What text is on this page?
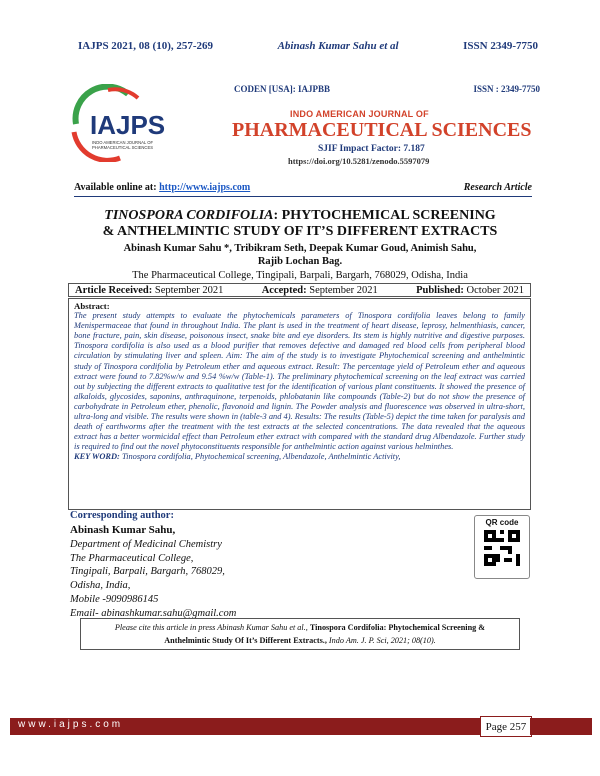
IAJPS 2021, 08 (10), 257-269	Abinash Kumar Sahu et al	ISSN 2349-7750
IAJPS
INDO AMERICAN JOURNAL OF
PHARMACEUTICAL SCIENCES
CODEN [USA]: IAJPBB	ISSN : 2349-7750
INDO AMERICAN JOURNAL OF
PHARMACEUTICAL SCIENCES
SJIF Impact Factor: 7.187
https://doi.org/10.5281/zenodo.5597079
Available online at: http://www.iajps.com	Research Article
TINOSPORA CORDIFOLIA: PHYTOCHEMICAL SCREENING
& ANTHELMINTIC STUDY OF IT’S DIFFERENT EXTRACTS
Abinash Kumar Sahu *, Tribikram Seth, Deepak Kumar Goud, Animish Sahu,
Rajib Lochan Bag.
The Pharmaceutical College, Tingipali, Barpali, Bargarh, 768029, Odisha, India
Article Received: September 2021	Accepted: September 2021	Published: October 2021
Abstract:
The present study attempts to evaluate the phytochemicals parameters of Tinospora cordifolia leaves belong to family Menispermaceae that found in throughout India. The plant is used in the treatment of heart disease, leprosy, helmenthiasis, cancer, bone fracture, pain, skin disease, poisonous insect, snake bite and eye disorders. Its stem is highly nutritive and digestive purposes. Tinospora cordifolia is also used as a blood purifier that removes defective and damaged red blood cells from peripheral blood circulation by stimulating liver and spleen. Aim: The aim of the study is to investigate Phytochemical screening and anthelmintic study of Tinospora cordifolia by Petroleum ether and aqueous extract. Result: The percentage yield of Petroleum ether and aqueous extract were found to 7.82%w/w and 9.54 %w/w (Table-1). The preliminary phytochemical screening on the leaf extract was carried out by subjecting the different extracts to qualitative test for the identification of various plant constituents. It showed the presence of alkaloids, glycosides, saponins, anthraquinone, terpenoids, phlobatanin like compounds (Table-2) but do not show the presence of carbohydrate in Petroleum ether, phenolic, flavonoid and lignin. The Powder analysis and fluorescence was observed in ultra-short, ultra-long and visible. The results were shown in (table-3 and 4). Results: The results (Table-5) depict the time taken for paralysis and death of earthworms after the treatment with the test extracts at the selected concentrations. The data revealed that the aqueous extract has a better wormicidal effect than Petroleum ether extract with compared with the standard drug Albendazole. Further study is required to find out the novel phytoconstituents responsible for anthelmintic action against various helminthes.
KEY WORD: Tinospora cordifolia, Phytochemical screening, Albendazole, Anthelmintic Activity,
Corresponding author:
Abinash Kumar Sahu,
Department of Medicinal Chemistry
The Pharmaceutical College,
Tingipali, Barpali, Bargarh, 768029,
Odisha, India,
Mobile -9090986145
Email- abinashkumar.sahu@gmail.com
QR code
Please cite this article in press Abinash Kumar Sahu et al., Tinospora Cordifolia: Phytochemical Screening &
Anthelmintic Study Of It’s Different Extracts., Indo Am. J. P. Sci, 2021; 08(10).
www.iajps.com	Page 257
